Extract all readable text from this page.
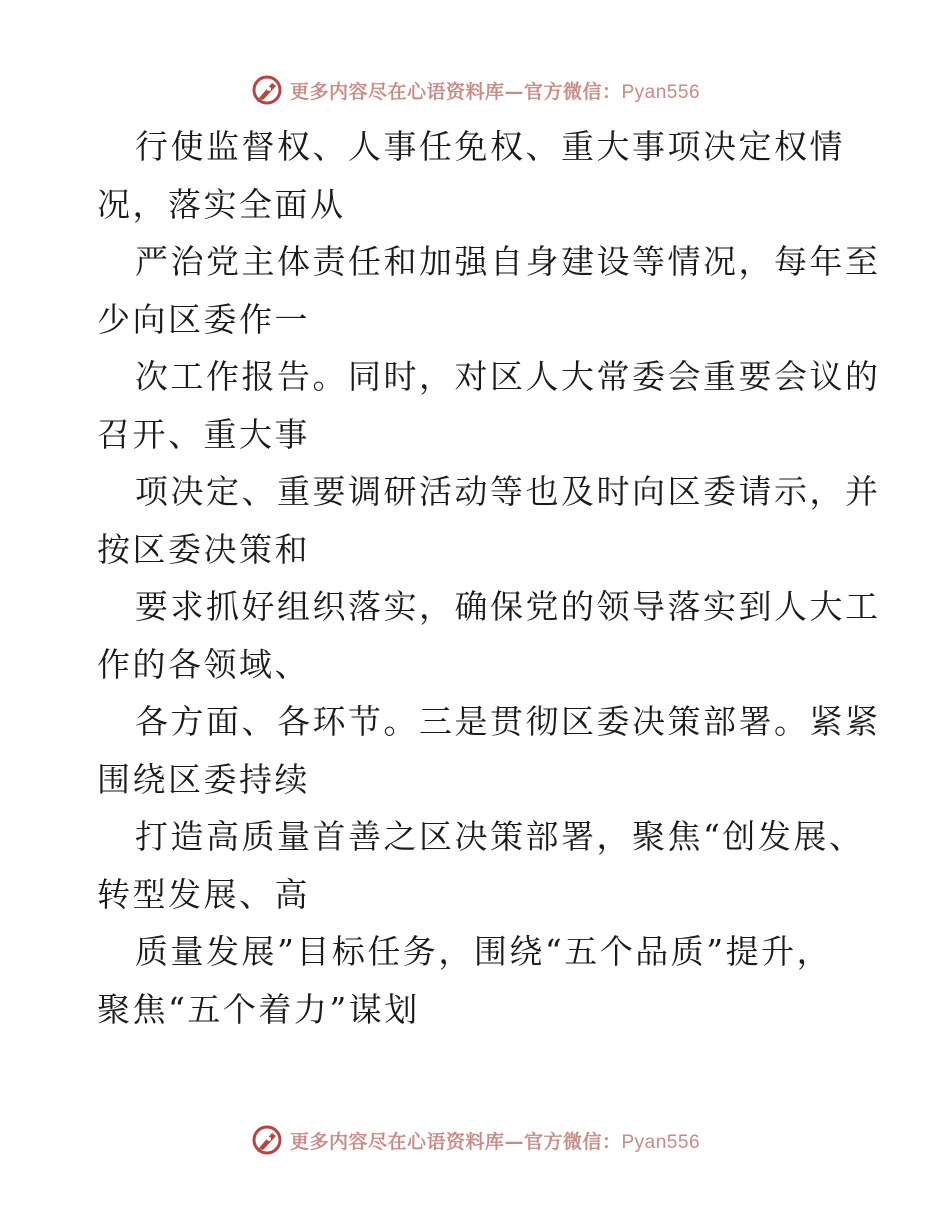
更多内容尽在心语资料库—官方微信：Pyan556
行使监督权、人事任免权、重大事项决定权情
况，落实全面从
严治党主体责任和加强自身建设等情况，每年至
少向区委作一
次工作报告。同时，对区人大常委会重要会议的
召开、重大事
项决定、重要调研活动等也及时向区委请示，并
按区委决策和
要求抓好组织落实，确保党的领导落实到人大工
作的各领域、
各方面、各环节。三是贯彻区委决策部署。紧紧
围绕区委持续
打造高质量首善之区决策部署，聚焦“创发展、
转型发展、高
质量发展”目标任务，围绕“五个品质”提升，
聚焦“五个着力”谋划
更多内容尽在心语资料库—官方微信：Pyan556
